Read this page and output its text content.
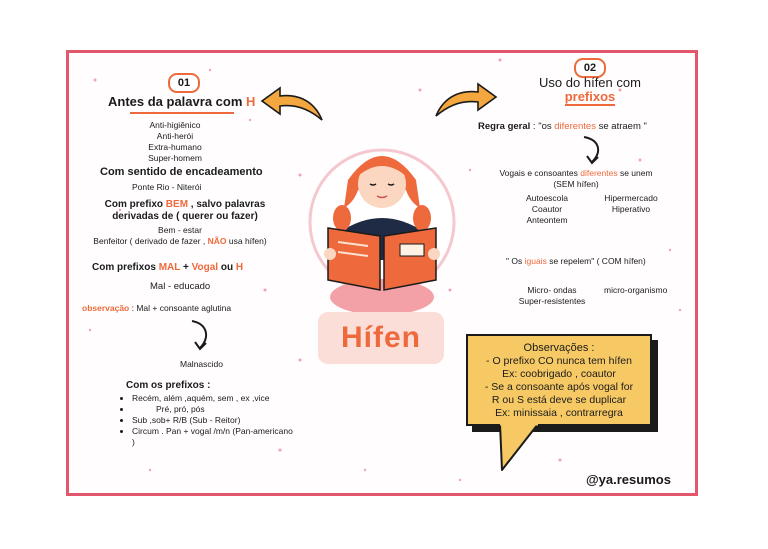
01
Antes da palavra com H
Anti-higiênico
Anti-herói
Extra-humano
Super-homem
Com sentido de encadeamento
Ponte Rio - Niterói
Com prefixo BEM , salvo palavras
derivadas de ( querer ou fazer)
Bem - estar
Benfeitor ( derivado de fazer , NÃO usa hífen)
Com prefixos MAL + Vogal ou H
Mal - educado
observação : Mal + consoante aglutina
Malnascido
Com os prefixos :
• Recém, além ,aquém, sem , ex ,vice
• Pré, pró, pós
• Sub ,sob+ R/B (Sub - Reitor)
• Circum . Pan + vogal /m/n (Pan-americano )
Hífen
02
Uso do hífen com
prefixos
Regra geral : "os diferentes se atraem "
Vogais e consoantes diferentes se unem
(SEM hífen)
Autoescola
Coautor
Anteontem
Hipermercado
Hiperativo
" Os iguais se repelem" ( COM hífen)
Micro- ondas
Super-resistentes
micro-organismo
Observações :
- O prefixo CO nunca tem hífen
Ex: coobrigado , coautor
- Se a consoante após vogal for
R ou S está deve se duplicar
Ex: minissaia , contrarregra
@ya.resumos
